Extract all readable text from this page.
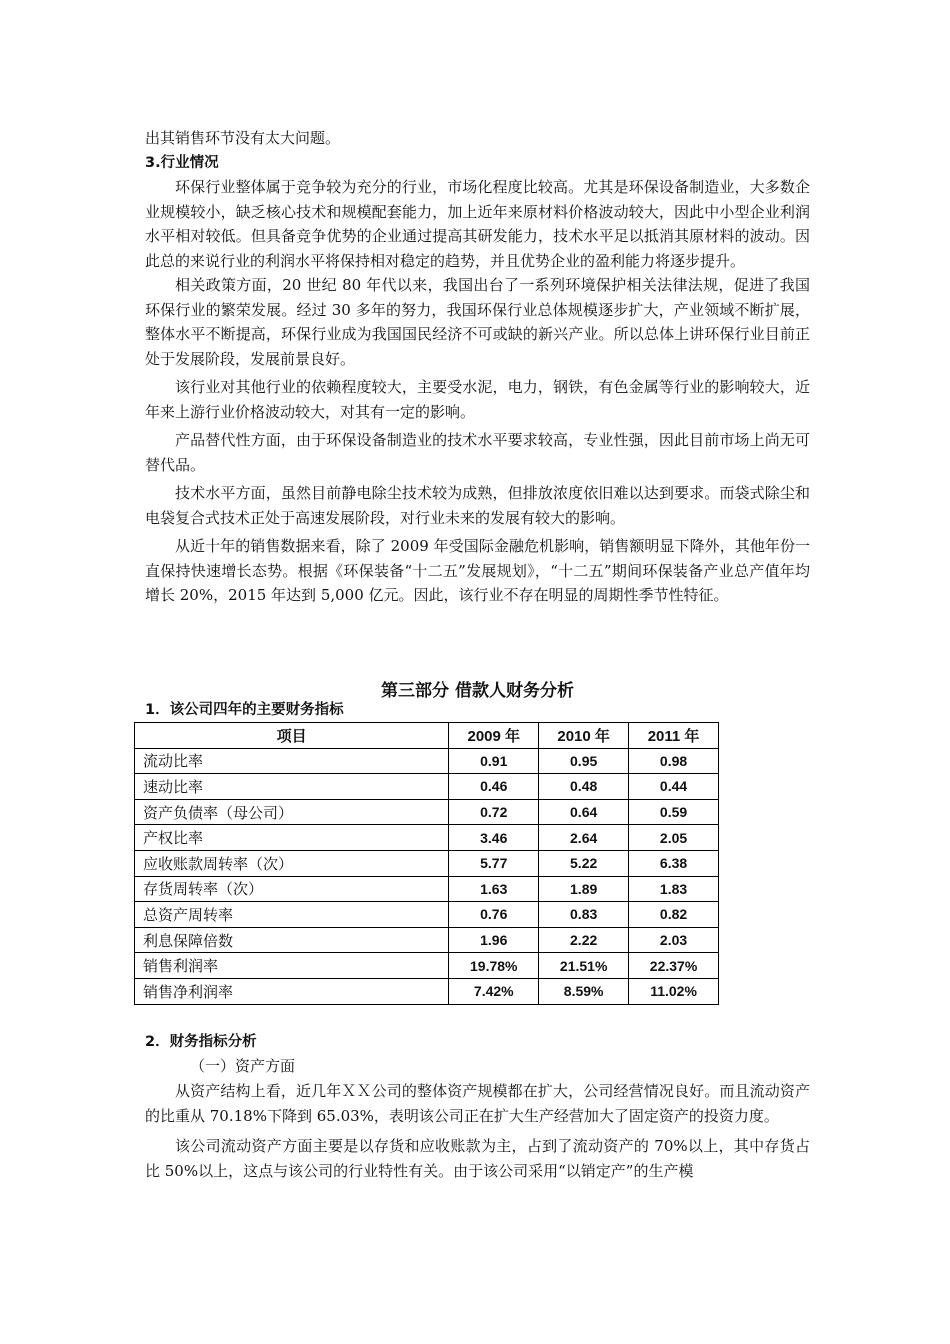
出其销售环节没有太大问题。
3.行业情况
环保行业整体属于竞争较为充分的行业，市场化程度比较高。尤其是环保设备制造业，大多数企业规模较小，缺乏核心技术和规模配套能力，加上近年来原材料价格波动较大，因此中小型企业利润水平相对较低。但具备竞争优势的企业通过提高其研发能力，技术水平足以抵消其原材料的波动。因此总的来说行业的利润水平将保持相对稳定的趋势，并且优势企业的盈利能力将逐步提升。
相关政策方面，20 世纪 80 年代以来，我国出台了一系列环境保护相关法律法规，促进了我国环保行业的繁荣发展。经过 30 多年的努力，我国环保行业总体规模逐步扩大，产业领域不断扩展，整体水平不断提高，环保行业成为我国国民经济不可或缺的新兴产业。所以总体上讲环保行业目前正处于发展阶段，发展前景良好。
该行业对其他行业的依赖程度较大，主要受水泥，电力，钢铁，有色金属等行业的影响较大，近年来上游行业价格波动较大，对其有一定的影响。
产品替代性方面，由于环保设备制造业的技术水平要求较高，专业性强，因此目前市场上尚无可替代品。
技术水平方面，虽然目前静电除尘技术较为成熟，但排放浓度依旧难以达到要求。而袋式除尘和电袋复合式技术正处于高速发展阶段，对行业未来的发展有较大的影响。
从近十年的销售数据来看，除了 2009 年受国际金融危机影响，销售额明显下降外，其他年份一直保持快速增长态势。根据《环保装备“十二五”发展规划》，“十二五”期间环保装备产业总产值年均增长 20%，2015 年达到 5,000 亿元。因此，该行业不存在明显的周期性季节性特征。
第三部分 借款人财务分析
1．该公司四年的主要财务指标
项目	2009 年	2010 年	2011 年
流动比率	0.91	0.95	0.98
速动比率	0.46	0.48	0.44
资产负债率（母公司）	0.72	0.64	0.59
产权比率	3.46	2.64	2.05
应收账款周转率（次）	5.77	5.22	6.38
存货周转率（次）	1.63	1.89	1.83
总资产周转率	0.76	0.83	0.82
利息保障倍数	1.96	2.22	2.03
销售利润率	19.78%	21.51%	22.37%
销售净利润率	7.42%	8.59%	11.02%
2．财务指标分析
（一）资产方面
从资产结构上看，近几年ＸＸ公司的整体资产规模都在扩大，公司经营情况良好。而且流动资产的比重从 70.18%下降到 65.03%，表明该公司正在扩大生产经营加大了固定资产的投资力度。
该公司流动资产方面主要是以存货和应收账款为主，占到了流动资产的 70%以上，其中存货占比 50%以上，这点与该公司的行业特性有关。由于该公司采用“以销定产”的生产模
